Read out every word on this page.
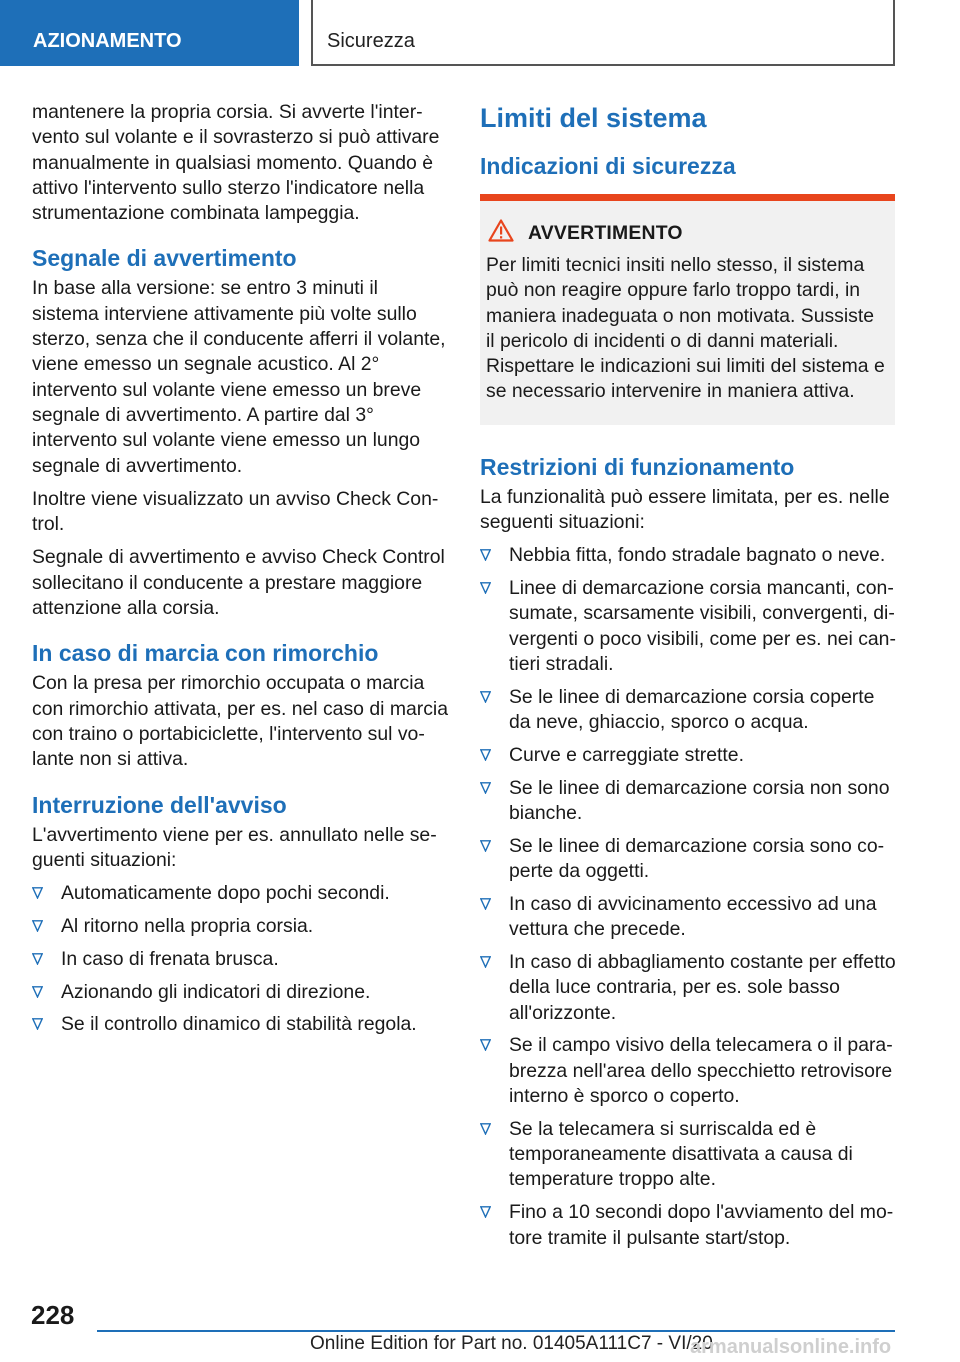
AZIONAMENTO	Sicurezza

mantenere la propria corsia. Si avverte l'intervento sul volante e il sovrasterzo si può attivare manualmente in qualsiasi momento. Quando è attivo l'intervento sullo sterzo l'indicatore nella strumentazione combinata lampeggia.

Segnale di avvertimento

In base alla versione: se entro 3 minuti il sistema interviene attivamente più volte sullo sterzo, senza che il conducente afferri il volante, viene emesso un segnale acustico. Al 2° intervento sul volante viene emesso un breve segnale di avvertimento. A partire dal 3° intervento sul volante viene emesso un lungo segnale di avvertimento.

Inoltre viene visualizzato un avviso Check Control.

Segnale di avvertimento e avviso Check Control sollecitano il conducente a prestare maggiore attenzione alla corsia.

In caso di marcia con rimorchio

Con la presa per rimorchio occupata o marcia con rimorchio attivata, per es. nel caso di marcia con traino o portabiciclette, l'intervento sul volante non si attiva.

Interruzione dell'avviso

L'avvertimento viene per es. annullato nelle seguenti situazioni:

Automaticamente dopo pochi secondi.
Al ritorno nella propria corsia.
In caso di frenata brusca.
Azionando gli indicatori di direzione.
Se il controllo dinamico di stabilità regola.
Limiti del sistema
Indicazioni di sicurezza
AVVERTIMENTO

Per limiti tecnici insiti nello stesso, il sistema può non reagire oppure farlo troppo tardi, in maniera inadeguata o non motivata. Sussiste il pericolo di incidenti o di danni materiali. Rispettare le indicazioni sui limiti del sistema e se necessario intervenire in maniera attiva.

Restrizioni di funzionamento

La funzionalità può essere limitata, per es. nelle seguenti situazioni:

Nebbia fitta, fondo stradale bagnato o neve.
Linee di demarcazione corsia mancanti, consumate, scarsamente visibili, convergenti, divergenti o poco visibili, come per es. nei cantieri stradali.
Se le linee di demarcazione corsia coperte da neve, ghiaccio, sporco o acqua.
Curve e carreggiate strette.
Se le linee di demarcazione corsia non sono bianche.
Se le linee di demarcazione corsia sono coperte da oggetti.
In caso di avvicinamento eccessivo ad una vettura che precede.
In caso di abbagliamento costante per effetto della luce contraria, per es. sole basso all'orizzonte.
Se il campo visivo della telecamera o il parabrezza nell'area dello specchietto retrovisore interno è sporco o coperto.
Se la telecamera si surriscalda ed è temporaneamente disattivata a causa di temperature troppo alte.
Fino a 10 secondi dopo l'avviamento del motore tramite il pulsante start/stop.
228
Online Edition for Part no. 01405A111C7 - VI/20
armanualsonline.info
